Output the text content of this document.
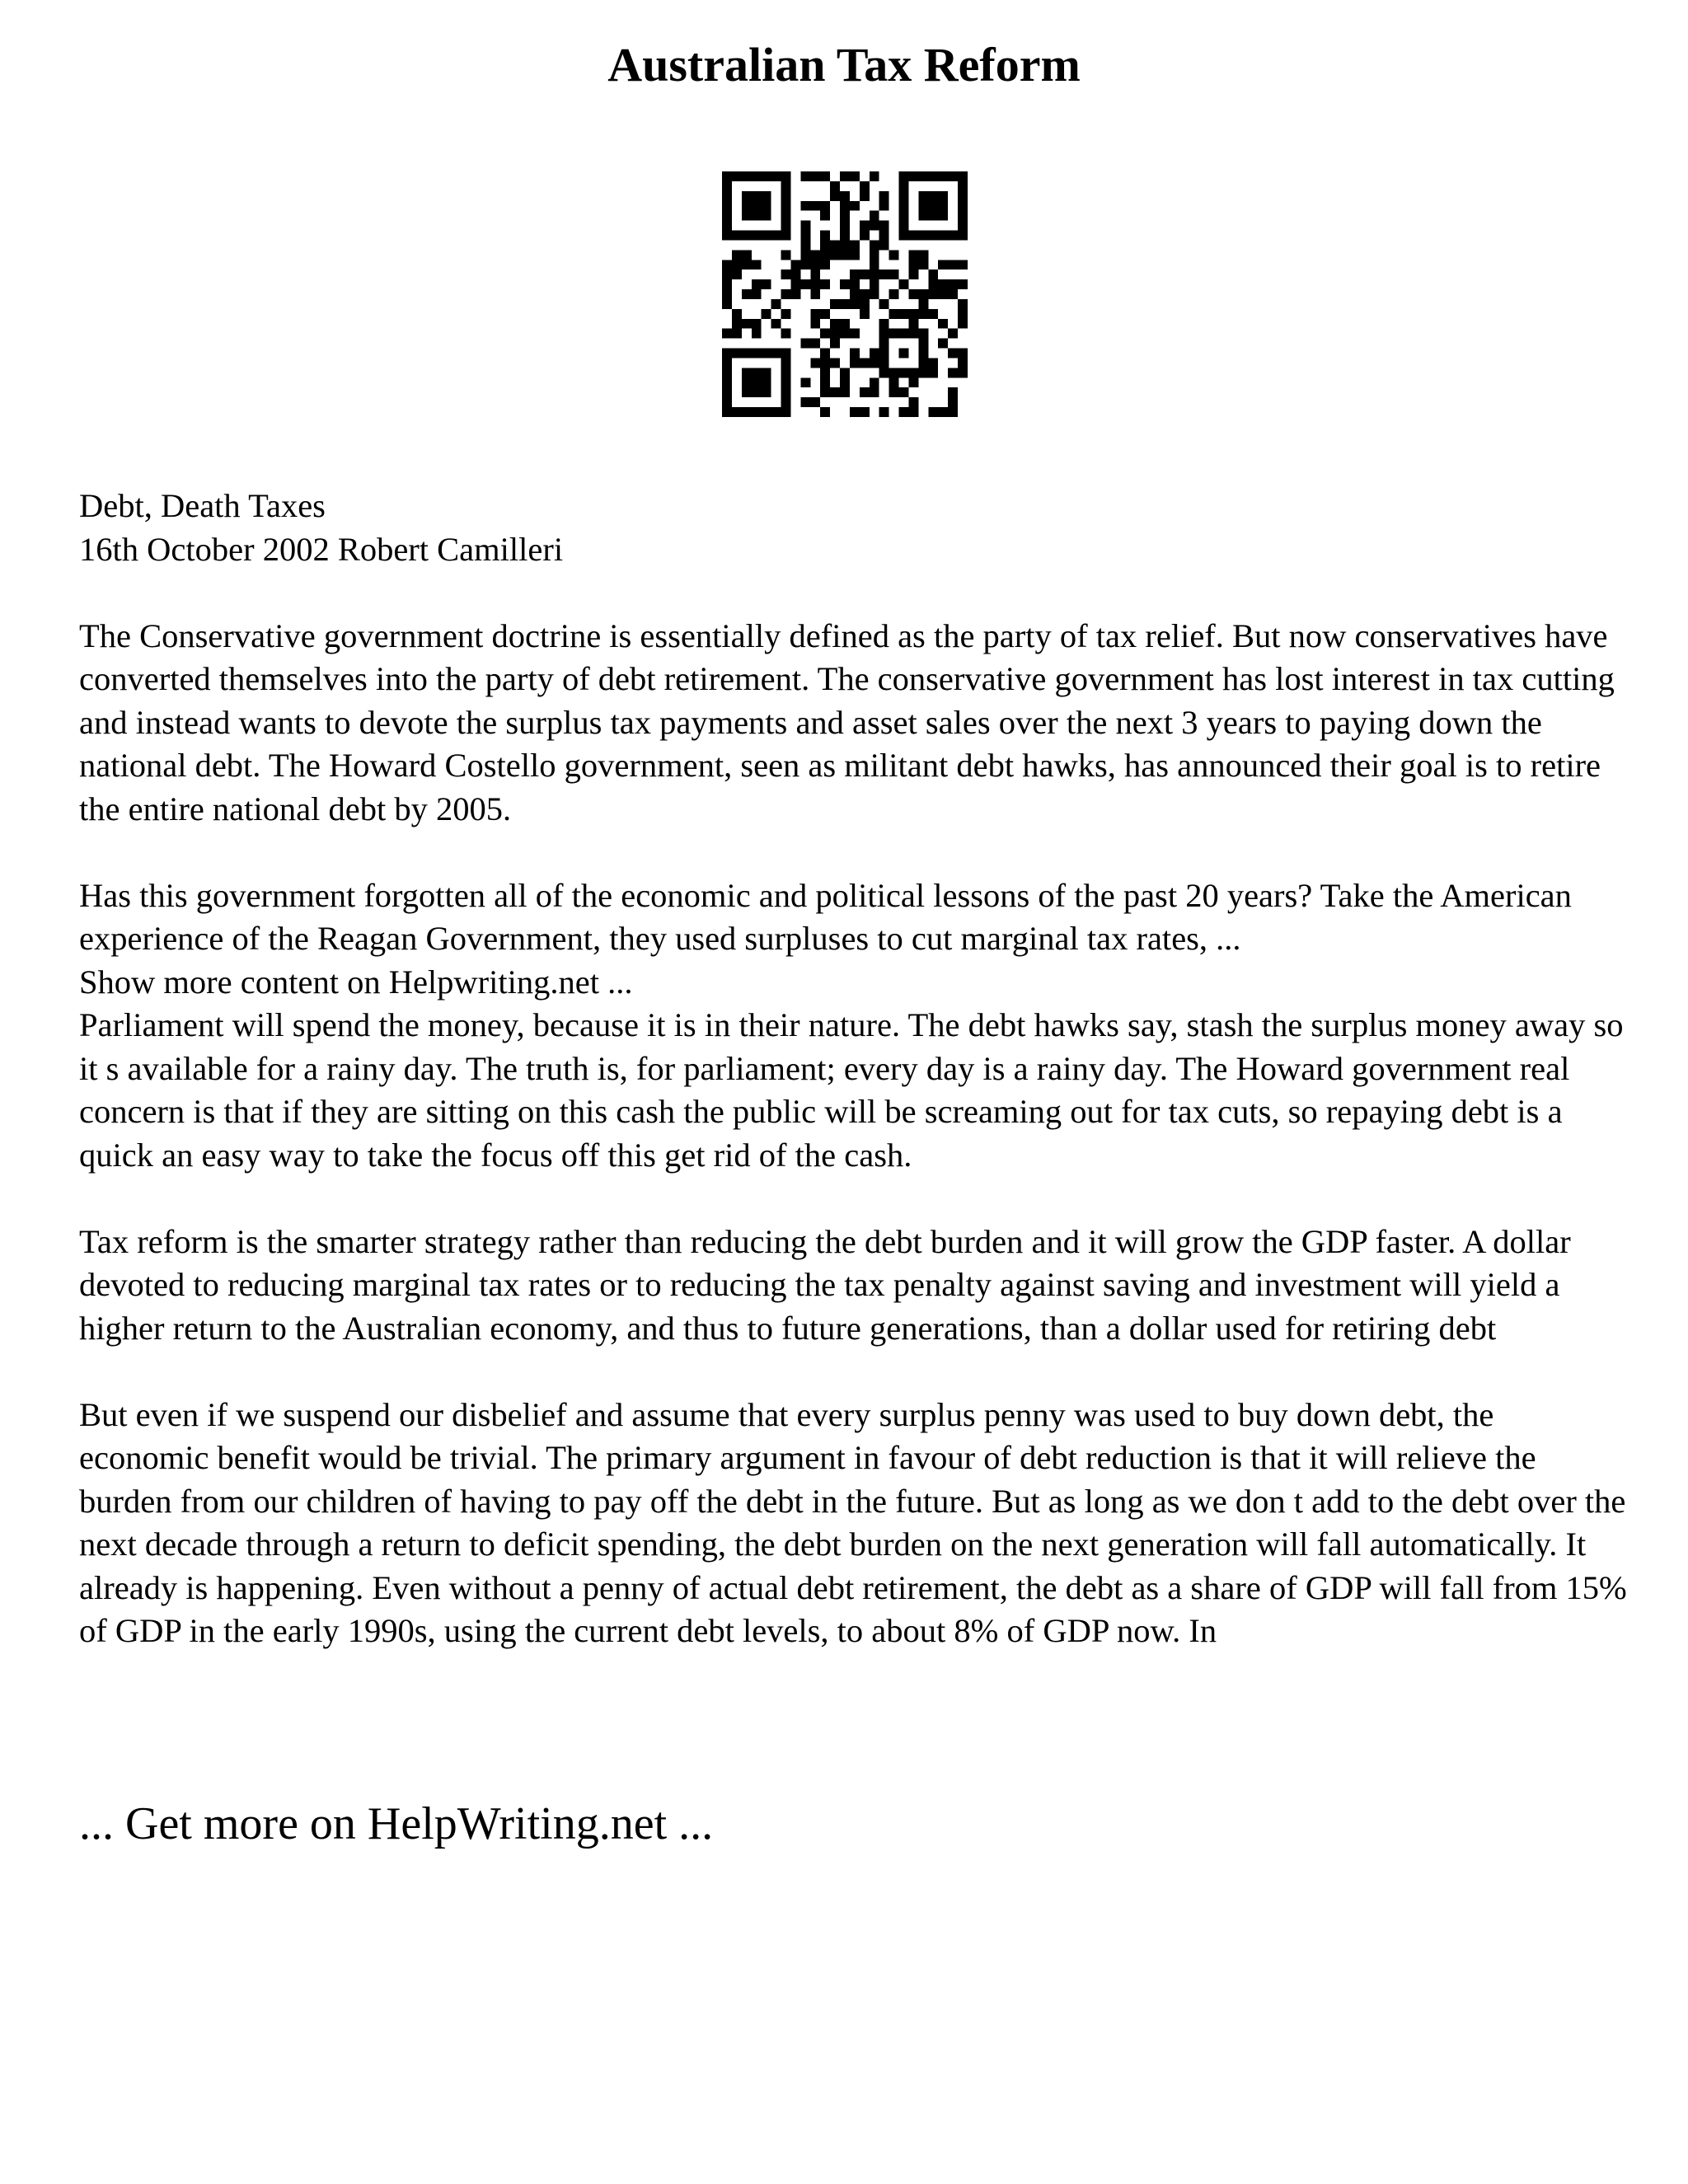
Australian Tax Reform

Debt, Death Taxes

16th October 2002 Robert Camilleri

The Conservative government doctrine is essentially defined as the party of tax relief. But now conservatives have converted themselves into the party of debt retirement. The conservative government has lost interest in tax cutting and instead wants to devote the surplus tax payments and asset sales over the next 3 years to paying down the national debt. The Howard Costello government, seen as militant debt hawks, has announced their goal is to retire the entire national debt by 2005.

Has this government forgotten all of the economic and political lessons of the past 20 years? Take the American experience of the Reagan Government, they used surpluses to cut marginal tax rates, ...

Show more content on Helpwriting.net ...

Parliament will spend the money, because it is in their nature. The debt hawks say, stash the surplus money away so it s available for a rainy day. The truth is, for parliament; every day is a rainy day. The Howard government real concern is that if they are sitting on this cash the public will be screaming out for tax cuts, so repaying debt is a quick an easy way to take the focus off this get rid of the cash.

Tax reform is the smarter strategy rather than reducing the debt burden and it will grow the GDP faster. A dollar devoted to reducing marginal tax rates or to reducing the tax penalty against saving and investment will yield a higher return to the Australian economy, and thus to future generations, than a dollar used for retiring debt

But even if we suspend our disbelief and assume that every surplus penny was used to buy down debt, the economic benefit would be trivial. The primary argument in favour of debt reduction is that it will relieve the burden from our children of having to pay off the debt in the future. But as long as we don t add to the debt over the next decade through a return to deficit spending, the debt burden on the next generation will fall automatically. It already is happening. Even without a penny of actual debt retirement, the debt as a share of GDP will fall from 15% of GDP in the early 1990s, using the current debt levels, to about 8% of GDP now. In

... Get more on HelpWriting.net ...
